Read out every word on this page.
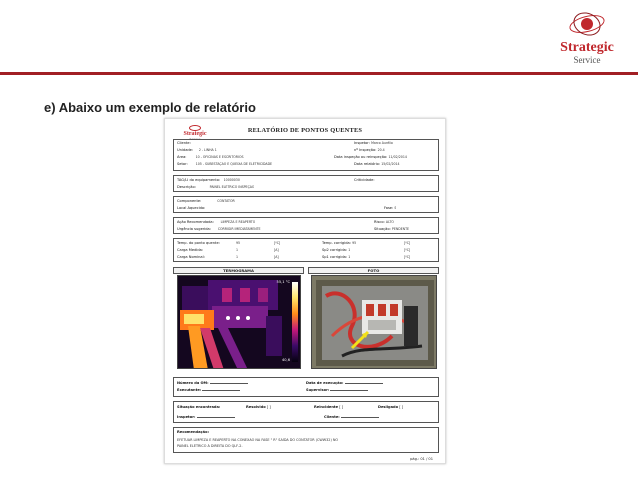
Strategic
Service
e) Abaixo um exemplo de relatório
Strategic
Service
RELATÓRIO DE PONTOS QUENTES
Cliente:	Inspetor: Marco Aurélio
Unidade: 2 - LINHA 1	nº Inspeção: 20.4
Área:	10 - OFICINAS E ESCRITÓRIOS	Data inspeção ou reinspeção: 11/02/2014
Setor:	105 - SUBESTAÇÃO E QUEIXA DE ELETRICIDADE	Data relatório: 15/02/2014
TAG/LI do equipamento: 10000030	Criticidade:
Descrição:	PAINEL ELÉTRICO INSPEÇÃO
Componente:	CONTATOR
Local Aquecido:	Fase: S
Ação Recomendada: LIMPEZA E REAPERTO	Risco: ALTO
Urgência sugerida: CORRIGIR IMEDIATAMENTE	Situação: PENDENTE
Temp. do ponto quente:	95	[ºC]	Temp. corrigida: 95	[ºC]
Carga Medida:	1	[A]	Sp2 corrigida: 1	[ºC]
Carga Nominal:	1	[A]	Sp1 corrigida: 1	[ºC]
TERMOGRAMA	FOTO
55,1 °C
40,6
Número da OM:	Data de execução:
Executante:	Supervisor:
Situação encontrada:	Resolvido [ ]	Reincidente [ ]	Desligado [ ]
Inspetor:	Cliente:
Recomendação:
EFETUAR LIMPEZA E REAPERTO NA CONEXÃO NA FASE " R" SAÍDA DO CONTATOR (CWW32) NO
PAINEL ELÉTRICO À DIREITA DO QLF-2.
pág.: 01 / 01
